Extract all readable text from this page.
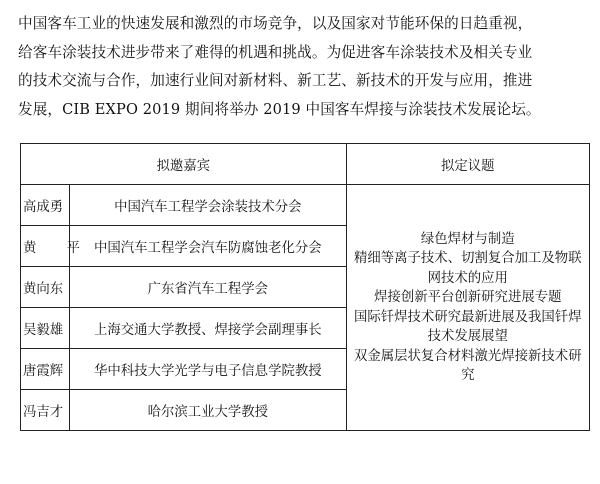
中国客车工业的快速发展和激烈的市场竞争，以及国家对节能环保的日趋重视，

给客车涂装技术进步带来了难得的机遇和挑战。为促进客车涂装技术及相关专业

的技术交流与合作，加速行业间对新材料、新工艺、新技术的开发与应用，推进

发展，CIB EXPO 2019 期间将举办 2019 中国客车焊接与涂装技术发展论坛。

拟邀嘉宾		拟定议题
高成勇	中国汽车工程学会涂装技术分会	绿色焊材与制造
精细等离子技术、切割复合加工及物联网技术的应用
焊接创新平台创新研究进展专题
国际钎焊技术研究最新进展及我国钎焊技术发展展望
双金属层状复合材料激光焊接新技术研究

黄 平	中国汽车工程学会汽车防腐蚀老化分会	
黄向东	广东省汽车工程学会	
吴毅雄	上海交通大学教授、焊接学会副理事长	
唐霞辉	华中科技大学光学与电子信息学院教授	
冯吉才	哈尔滨工业大学教授	
